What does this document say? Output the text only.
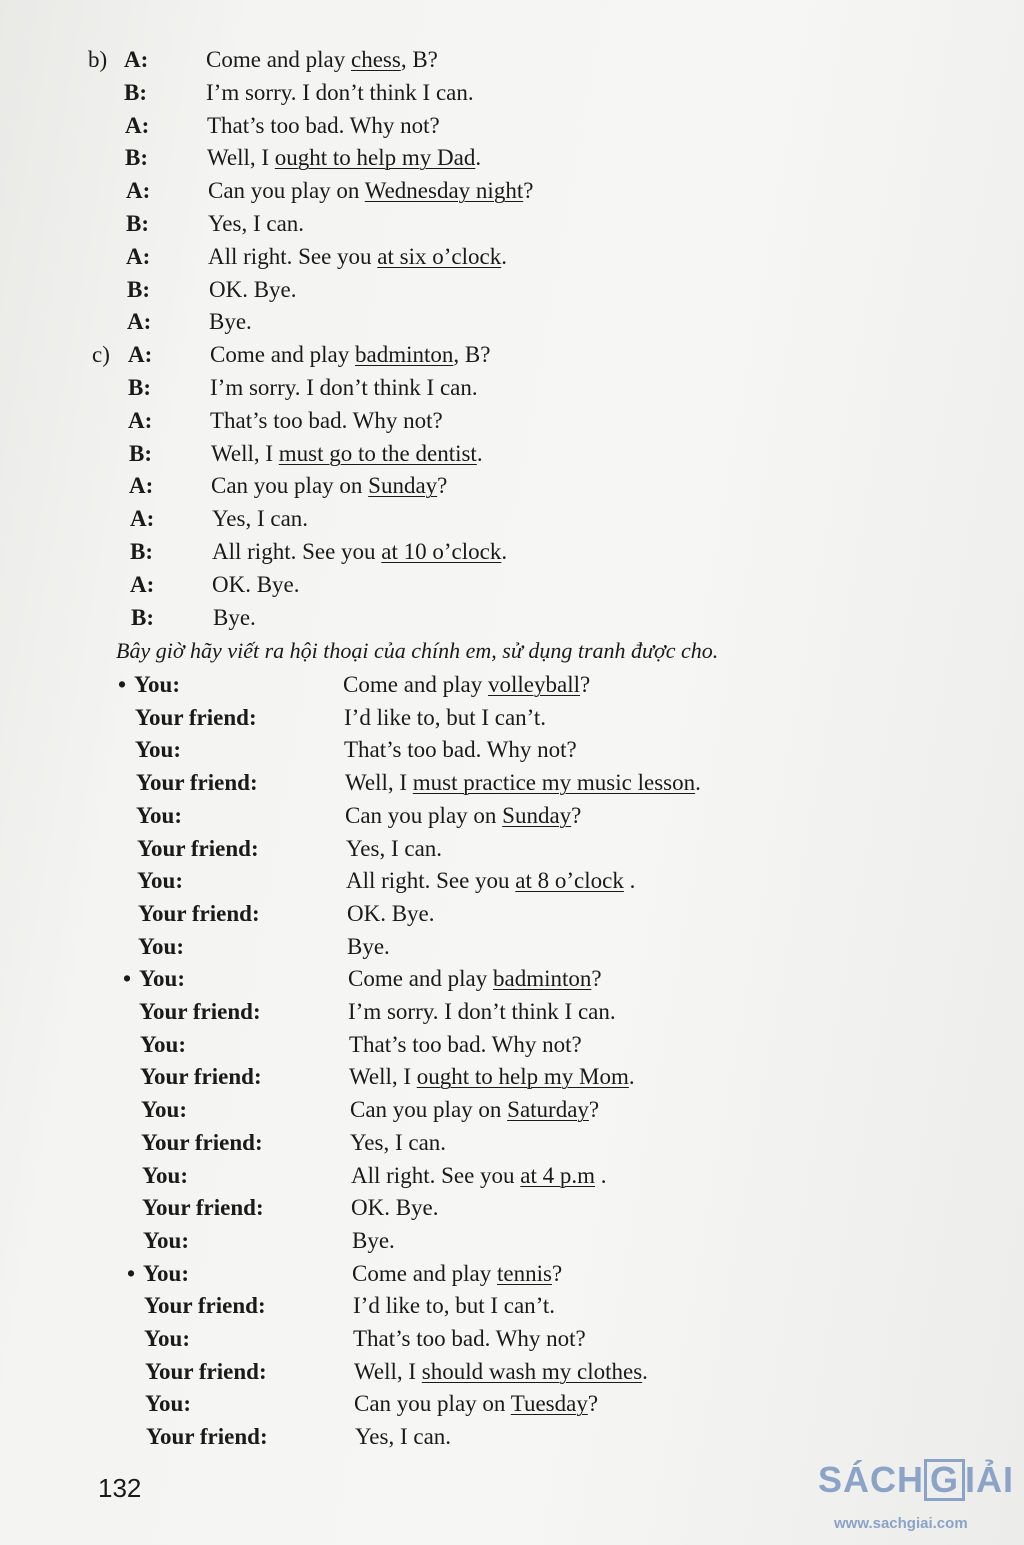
b) A:	Come and play chess, B?
B:	I’m sorry. I don’t think I can.
A:	That’s too bad. Why not?
B:	Well, I ought to help my Dad.
A:	Can you play on Wednesday night?
B:	Yes, I can.
A:	All right. See you at six o’clock.
B:	OK. Bye.
A:	Bye.
c) A:	Come and play badminton, B?
B:	I’m sorry. I don’t think I can.
A:	That’s too bad. Why not?
B:	Well, I must go to the dentist.
A:	Can you play on Sunday?
A:	Yes, I can.
B:	All right. See you at 10 o’clock.
A:	OK. Bye.
B:	Bye.
• You:	Come and play volleyball?
Your friend:	I’d like to, but I can’t.
You:	That’s too bad. Why not?
Your friend:	Well, I must practice my music lesson.
You:	Can you play on Sunday?
Your friend:	Yes, I can.
You:	All right. See you at 8 o’clock .
Your friend:	OK. Bye.
You:	Bye.
• You:	Come and play badminton?
Your friend:	I’m sorry. I don’t think I can.
You:	That’s too bad. Why not?
Your friend:	Well, I ought to help my Mom.
You:	Can you play on Saturday?
Your friend:	Yes, I can.
You:	All right. See you at 4 p.m .
Your friend:	OK. Bye.
You:	Bye.
• You:	Come and play tennis?
Your friend:	I’d like to, but I can’t.
You:	That’s too bad. Why not?
Your friend:	Well, I should wash my clothes.
You:	Can you play on Tuesday?
Your friend:	Yes, I can.
Bây giờ hãy viết ra hội thoại của chính em, sử dụng tranh được cho.
132	SÁCH G IẢI
www.sachgiai.com
